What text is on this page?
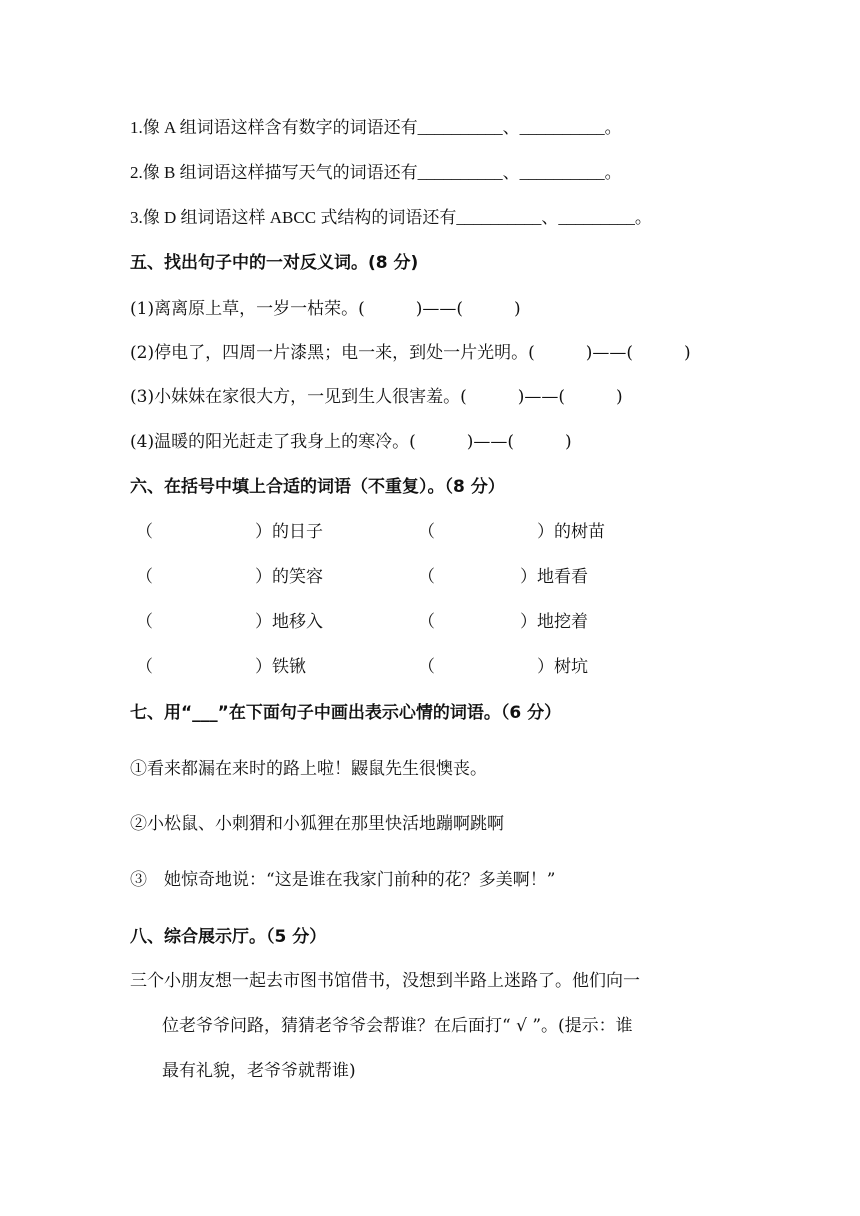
1.像 A 组词语这样含有数字的词语还有__________、__________。
2.像 B 组词语这样描写天气的词语还有__________、__________。
3.像 D 组词语这样 ABCC 式结构的词语还有__________、_________。
五、找出句子中的一对反义词。(8 分)
(1)离离原上草，一岁一枯荣。(　　　)——(　　　)
(2)停电了，四周一片漆黑；电一来，到处一片光明。(　　　)——(　　　)
(3)小妹妹在家很大方，一见到生人很害羞。(　　　)——(　　　)
(4)温暖的阳光赶走了我身上的寒冷。(　　　)——(　　　)
六、在括号中填上合适的词语（不重复）。（8 分）
（　　　　　　）的日子	（　　　　　　）的树苗
（　　　　　　）的笑容	（　　　　　）地看看
（　　　　　　）地移入	（　　　　　）地挖着
（　　　　　　）铁锹	（　　　　　　）树坑
七、用“___”在下面句子中画出表示心情的词语。（6 分）
①看来都漏在来时的路上啦！鼹鼠先生很懊丧。
②小松鼠、小刺猬和小狐狸在那里快活地蹦啊跳啊
③　她惊奇地说：“这是谁在我家门前种的花？多美啊！”
八、综合展示厅。（5 分）
三个小朋友想一起去市图书馆借书，没想到半路上迷路了。他们向一
位老爷爷问路，猜猜老爷爷会帮谁？在后面打“ √ ”。(提示：谁
最有礼貌，老爷爷就帮谁)
